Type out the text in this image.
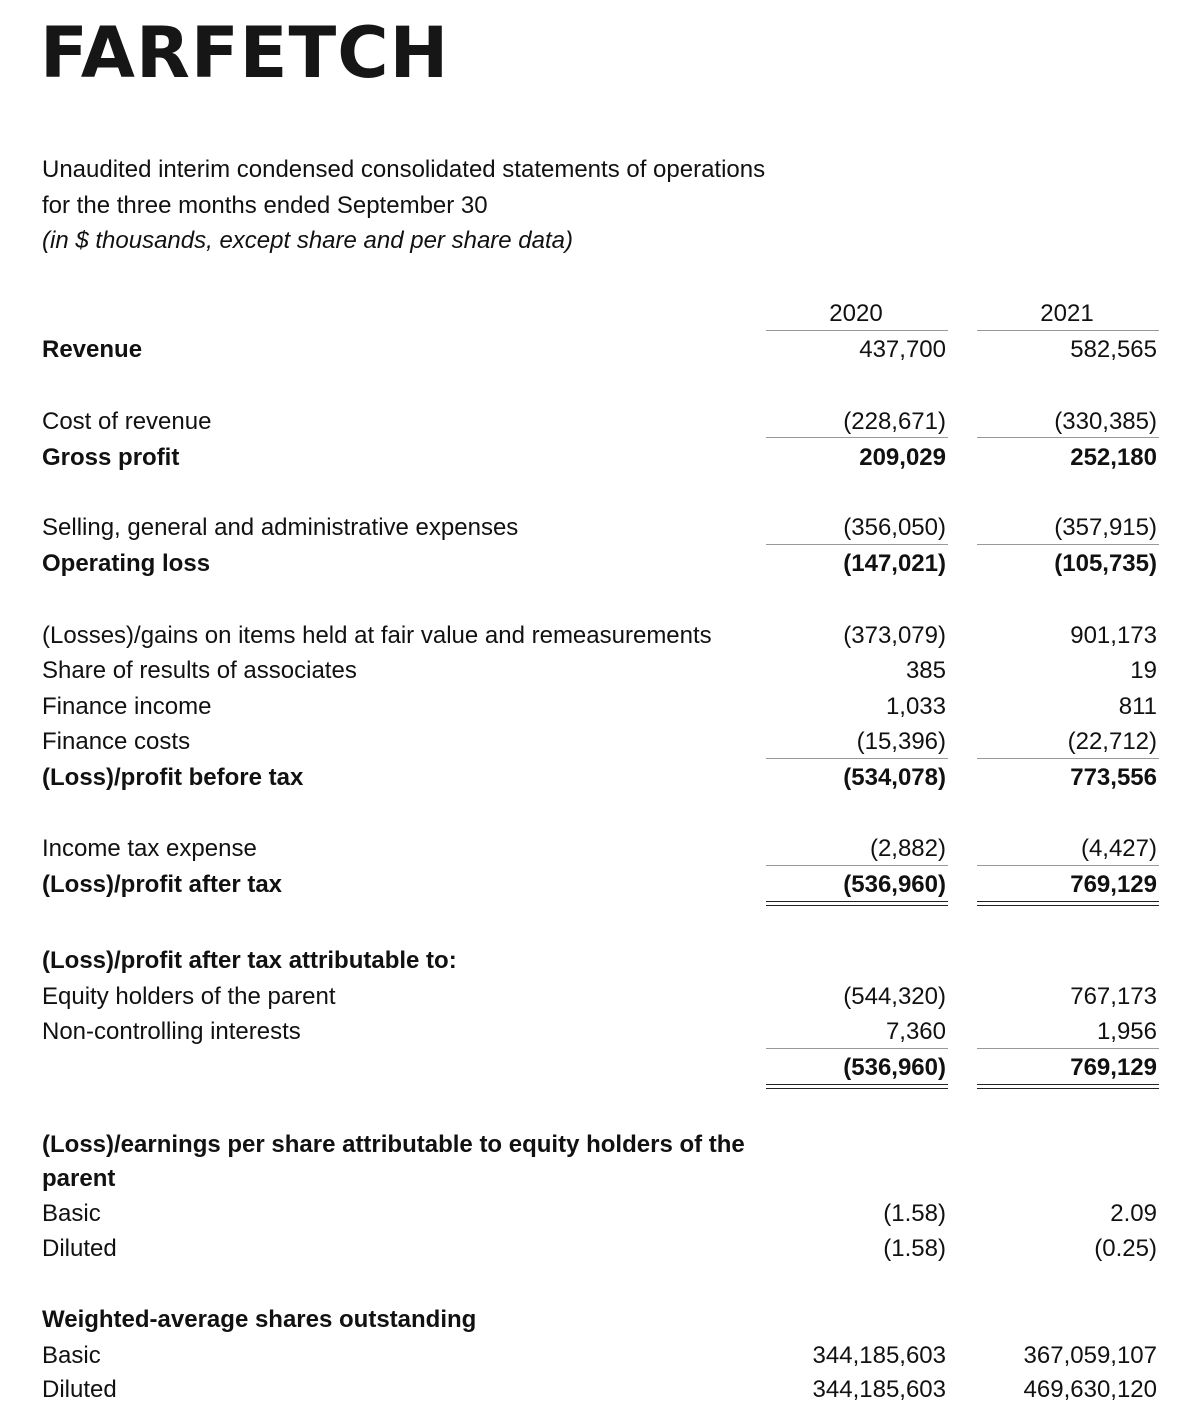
FARFETCH
Unaudited interim condensed consolidated statements of operations
for the three months ended September 30
(in $ thousands, except share and per share data)
2020	2021
Revenue	437,700	582,565
Cost of revenue	(228,671)	(330,385)
Gross profit	209,029	252,180
Selling, general and administrative expenses	(356,050)	(357,915)
Operating loss	(147,021)	(105,735)
(Losses)/gains on items held at fair value and remeasurements	(373,079)	901,173
Share of results of associates	385	19
Finance income	1,033	811
Finance costs	(15,396)	(22,712)
(Loss)/profit before tax	(534,078)	773,556
Income tax expense	(2,882)	(4,427)
(Loss)/profit after tax	(536,960)	769,129
(Loss)/profit after tax attributable to:
Equity holders of the parent	(544,320)	767,173
Non-controlling interests	7,360	1,956
(536,960)	769,129
(Loss)/earnings per share attributable to equity holders of the
parent
Basic	(1.58)	2.09
Diluted	(1.58)	(0.25)
Weighted-average shares outstanding
Basic	344,185,603	367,059,107
Diluted	344,185,603	469,630,120
